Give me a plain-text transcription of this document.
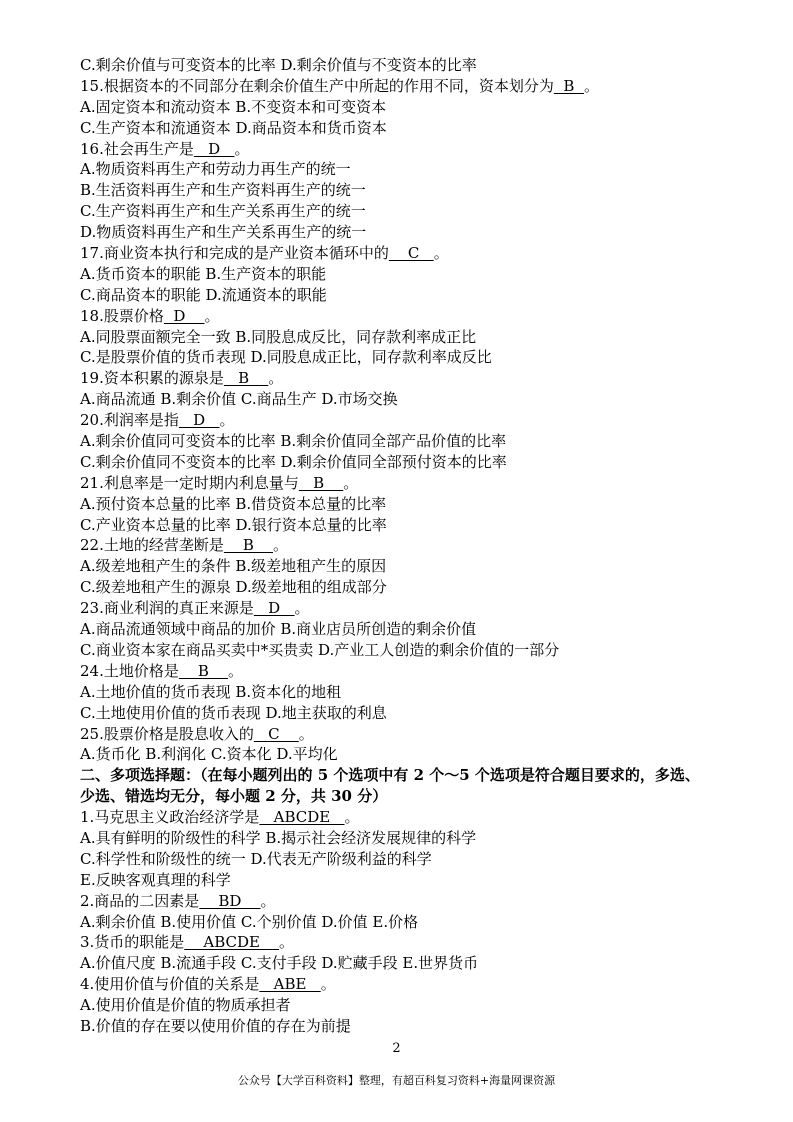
C.剩余价值与可变资本的比率 D.剩余价值与不变资本的比率
15.根据资本的不同部分在剩余价值生产中所起的作用不同，资本划分为  B  。
A.固定资本和流动资本 B.不变资本和可变资本
C.生产资本和流通资本 D.商品资本和货币资本
16.社会再生产是   D   。
A.物质资料再生产和劳动力再生产的统一
B.生活资料再生产和生产资料再生产的统一
C.生产资料再生产和生产关系再生产的统一
D.物质资料再生产和生产关系再生产的统一
17.商业资本执行和完成的是产业资本循环中的    C   。
A.货币资本的职能 B.生产资本的职能
C.商品资本的职能 D.流通资本的职能
18.股票价格  D    。
A.同股票面额完全一致 B.同股息成反比，同存款利率成正比
C.是股票价值的货币表现 D.同股息成正比，同存款利率成反比
19.资本积累的源泉是   B    。
A.商品流通 B.剩余价值 C.商品生产 D.市场交换
20.利润率是指   D   。
A.剩余价值同可变资本的比率 B.剩余价值同全部产品价值的比率
C.剩余价值同不变资本的比率 D.剩余价值同全部预付资本的比率
21.利息率是一定时期内利息量与   B    。
A.预付资本总量的比率 B.借贷资本总量的比率
C.产业资本总量的比率 D.银行资本总量的比率
22.土地的经营垄断是    B    。
A.级差地租产生的条件 B.级差地租产生的原因
C.级差地租产生的源泉 D.级差地租的组成部分
23.商业利润的真正来源是   D   。
A.商品流通领域中商品的加价 B.商业店员所创造的剩余价值
C.商业资本家在商品买卖中*买贵卖 D.产业工人创造的剩余价值的一部分
24.土地价格是    B    。
A.土地价值的货币表现 B.资本化的地租
C.土地使用价值的货币表现 D.地主获取的利息
25.股票价格是股息收入的   C    。
A.货币化 B.利润化 C.资本化 D.平均化
二、多项选择题：（在每小题列出的 5 个选项中有 2 个～5 个选项是符合题目要求的，多选、
少选、错选均无分，每小题 2 分，共 30 分）
1.马克思主义政治经济学是   ABCDE   。
A.具有鲜明的阶级性的科学 B.揭示社会经济发展规律的科学
C.科学性和阶级性的统一 D.代表无产阶级利益的科学
E.反映客观真理的科学
2.商品的二因素是    BD    。
A.剩余价值 B.使用价值 C.个别价值 D.价值 E.价格
3.货币的职能是    ABCDE    。
A.价值尺度 B.流通手段 C.支付手段 D.贮藏手段 E.世界货币
4.使用价值与价值的关系是   ABE   。
A.使用价值是价值的物质承担者
B.价值的存在要以使用价值的存在为前提
2
公众号【大学百科资料】整理，有超百科复习资料+海量网课资源
